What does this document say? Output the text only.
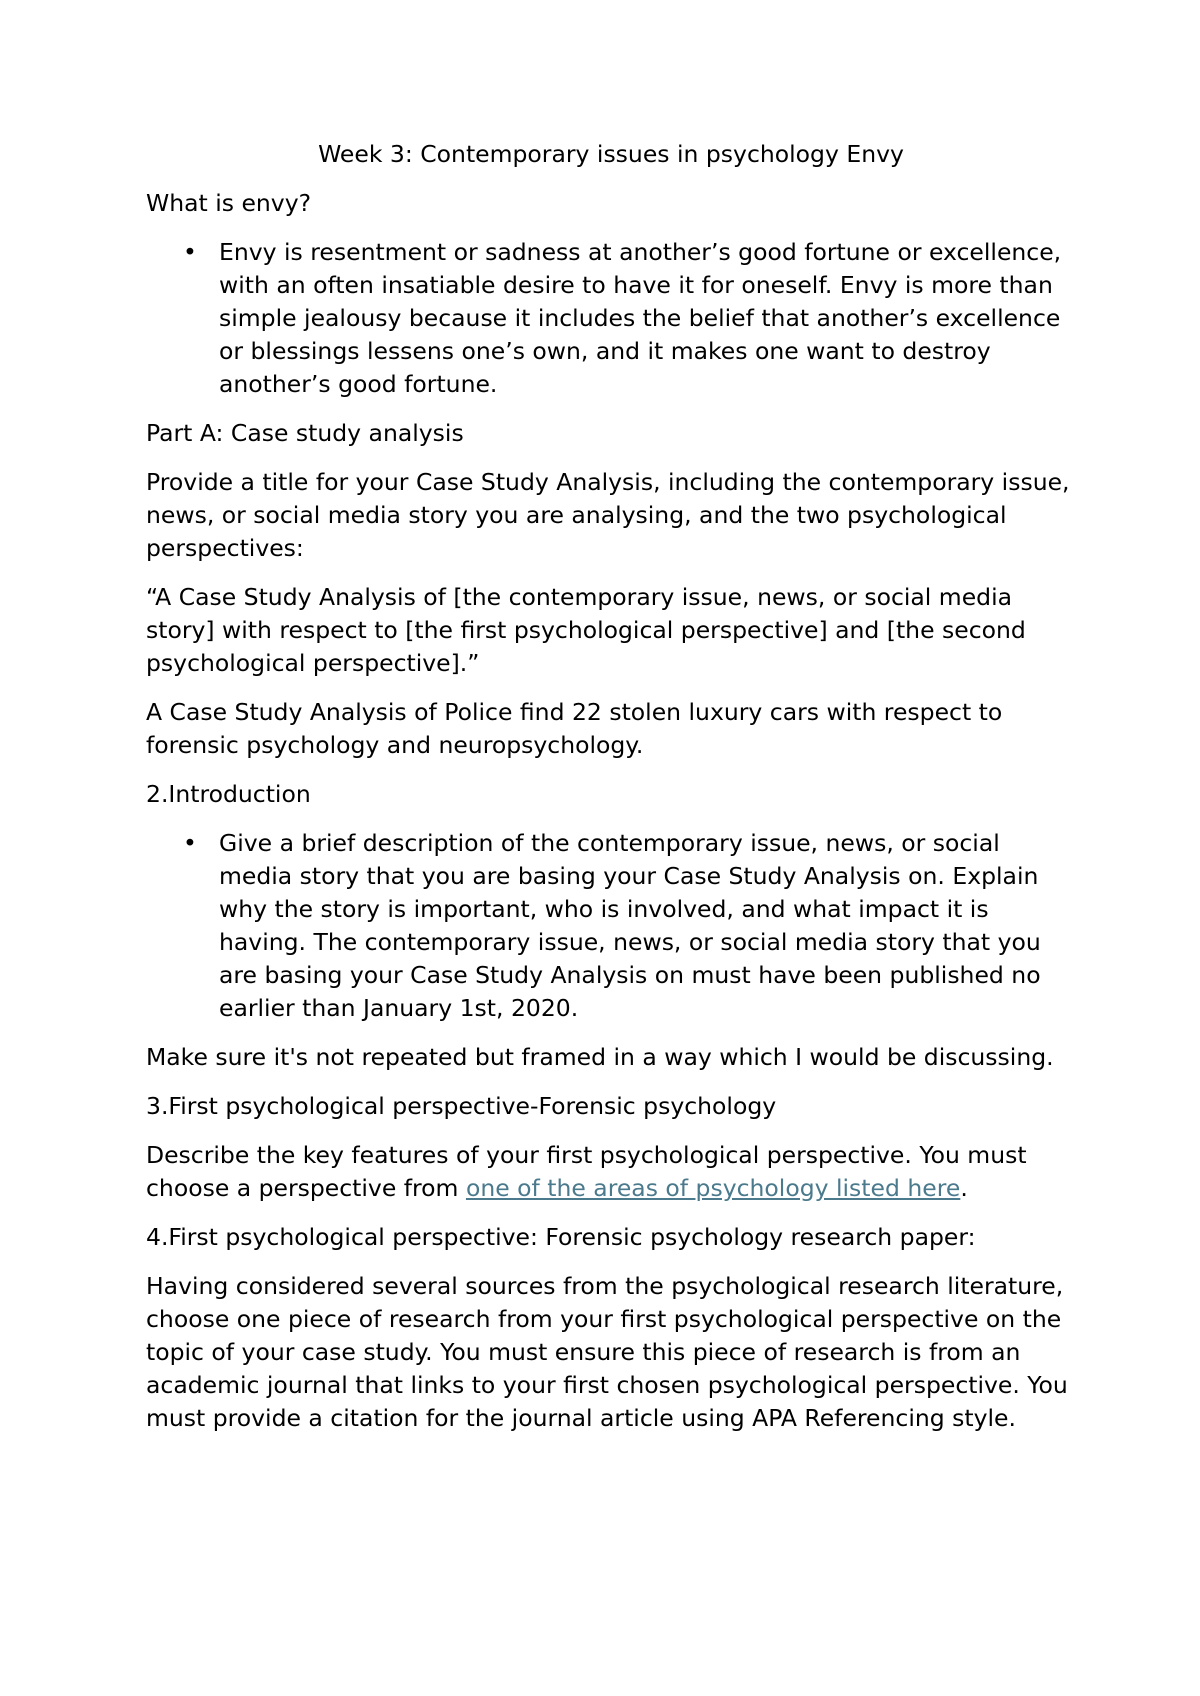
Week 3: Contemporary issues in psychology Envy

What is envy?

• Envy is resentment or sadness at another’s good fortune or excellence, with an often insatiable desire to have it for oneself. Envy is more than simple jealousy because it includes the belief that another’s excellence or blessings lessens one’s own, and it makes one want to destroy another’s good fortune.

Part A: Case study analysis

Provide a title for your Case Study Analysis, including the contemporary issue, news, or social media story you are analysing, and the two psychological perspectives:

“A Case Study Analysis of [the contemporary issue, news, or social media story] with respect to [the first psychological perspective] and [the second psychological perspective].”

A Case Study Analysis of Police find 22 stolen luxury cars with respect to forensic psychology and neuropsychology.

2.Introduction

• Give a brief description of the contemporary issue, news, or social media story that you are basing your Case Study Analysis on. Explain why the story is important, who is involved, and what impact it is having. The contemporary issue, news, or social media story that you are basing your Case Study Analysis on must have been published no earlier than January 1st, 2020.

Make sure it's not repeated but framed in a way which I would be discussing.

3.First psychological perspective-Forensic psychology

Describe the key features of your first psychological perspective. You must choose a perspective from one of the areas of psychology listed here.

4.First psychological perspective: Forensic psychology research paper:

Having considered several sources from the psychological research literature, choose one piece of research from your first psychological perspective on the topic of your case study. You must ensure this piece of research is from an academic journal that links to your first chosen psychological perspective. You must provide a citation for the journal article using APA Referencing style.
